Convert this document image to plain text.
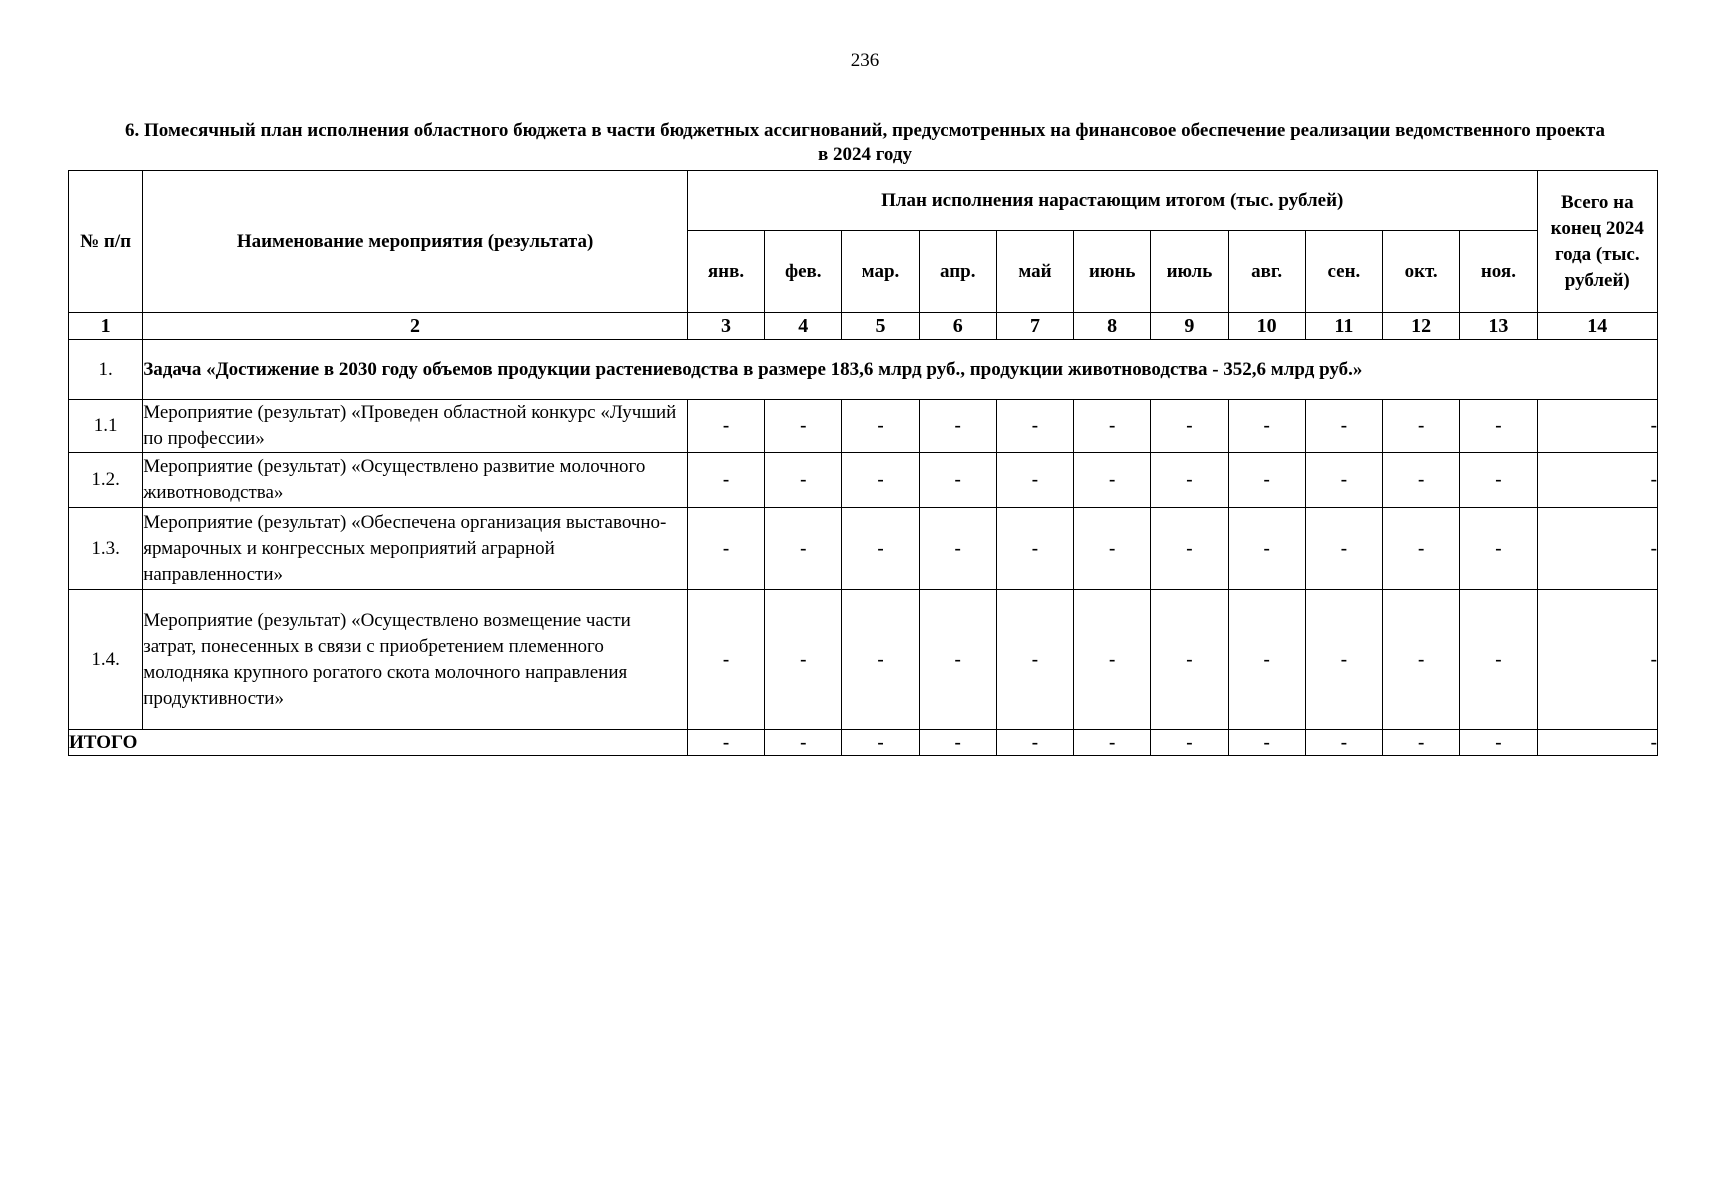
236
6. Помесячный план исполнения областного бюджета в части бюджетных ассигнований, предусмотренных на финансовое обеспечение реализации ведомственного проекта в 2024 году
№ п/п	Наименование мероприятия (результата)	План исполнения нарастающим итогом (тыс. рублей)											Всего на конец 2024 года (тыс. рублей)
		янв.	фев.	мар.	апр.	май	июнь	июль	авг.	сен.	окт.	ноя.	
1	2	3	4	5	6	7	8	9	10	11	12	13	14
1.	Задача «Достижение в 2030 году объемов продукции растениеводства в размере 183,6 млрд руб., продукции животноводства - 352,6 млрд руб.»												
1.1	Мероприятие (результат) «Проведен областной конкурс «Лучший по профессии»	-	-	-	-	-	-	-	-	-	-	-	-
1.2.	Мероприятие (результат) «Осуществлено развитие молочного животноводства»	-	-	-	-	-	-	-	-	-	-	-	-
1.3.	Мероприятие (результат) «Обеспечена организация выставочно-ярмарочных и конгрессных мероприятий аграрной направленности»	-	-	-	-	-	-	-	-	-	-	-	-
1.4.	Мероприятие (результат) «Осуществлено возмещение части затрат, понесенных в связи с приобретением племенного молодняка крупного рогатого скота молочного направления продуктивности»	-	-	-	-	-	-	-	-	-	-	-	-
ИТОГО		-	-	-	-	-	-	-	-	-	-	-	-
